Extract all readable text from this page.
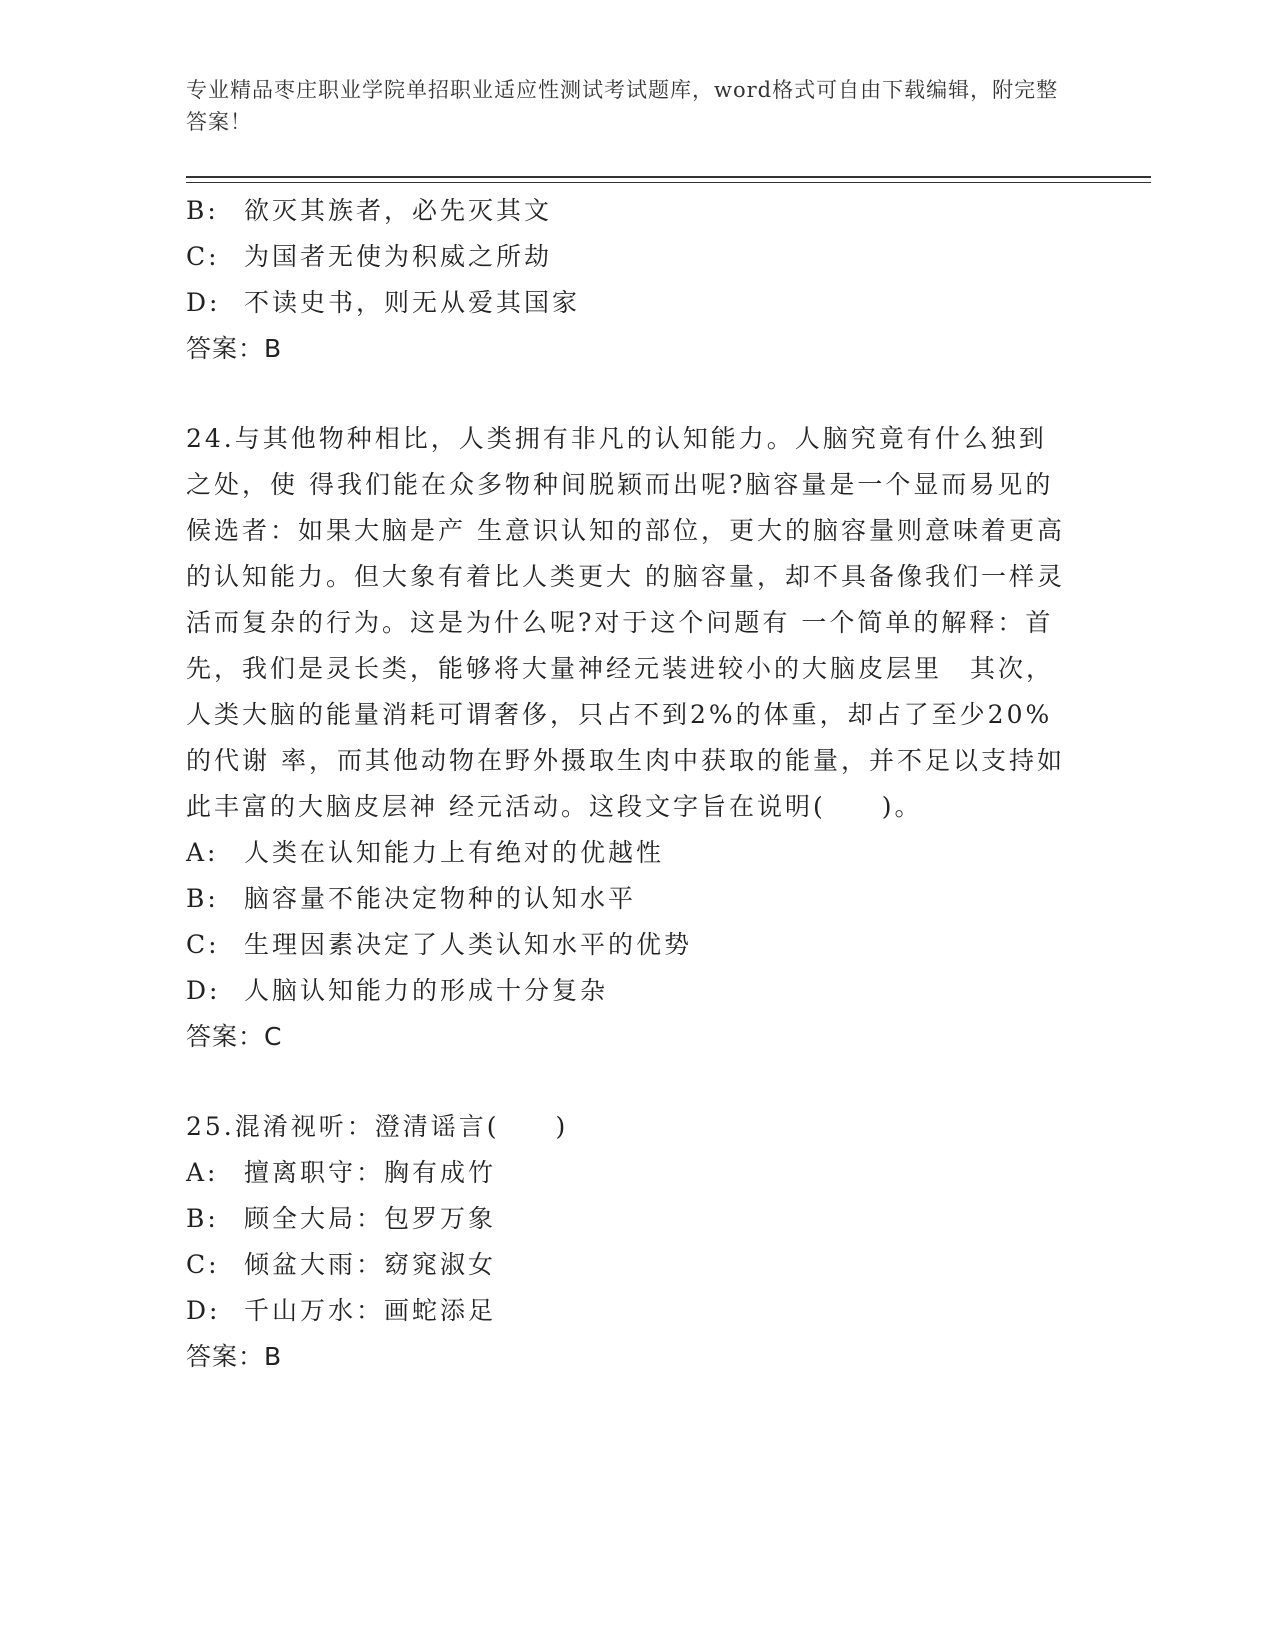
专业精品枣庄职业学院单招职业适应性测试考试题库，word格式可自由下载编辑，附完整答案！
B: 欲灭其族者，必先灭其文
C: 为国者无使为积威之所劫
D: 不读史书，则无从爱其国家
答案：B
24.与其他物种相比，人类拥有非凡的认知能力。人脑究竟有什么独到之处，使 得我们能在众多物种间脱颖而出呢?脑容量是一个显而易见的候选者：如果大脑是产 生意识认知的部位，更大的脑容量则意味着更高的认知能力。但大象有着比人类更大 的脑容量，却不具备像我们一样灵活而复杂的行为。这是为什么呢?对于这个问题有 一个简单的解释：首先，我们是灵长类，能够将大量神经元装进较小的大脑皮层里　其次，人类大脑的能量消耗可谓奢侈，只占不到2%的体重，却占了至少20%的代谢 率，而其他动物在野外摄取生肉中获取的能量，并不足以支持如此丰富的大脑皮层神 经元活动。这段文字旨在说明(　　)。
A: 人类在认知能力上有绝对的优越性
B: 脑容量不能决定物种的认知水平
C: 生理因素决定了人类认知水平的优势
D: 人脑认知能力的形成十分复杂
答案：C
25.混淆视听：澄清谣言(　　)
A: 擅离职守：胸有成竹
B: 顾全大局：包罗万象
C: 倾盆大雨：窈窕淑女
D: 千山万水：画蛇添足
答案：B
